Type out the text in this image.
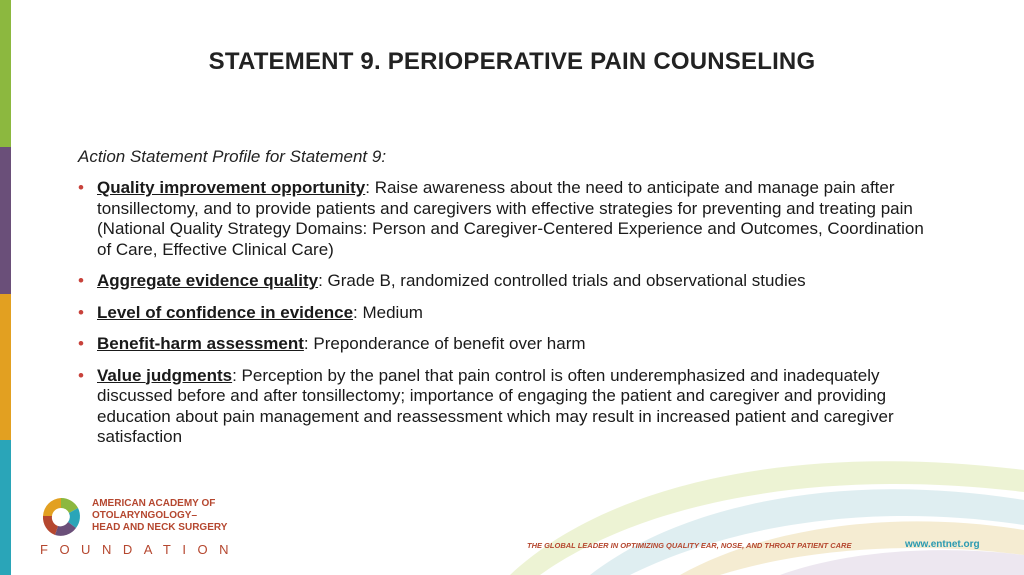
STATEMENT 9. PERIOPERATIVE PAIN COUNSELING
Action Statement Profile for Statement 9:
• Quality improvement opportunity: Raise awareness about the need to anticipate and manage pain after tonsillectomy, and to provide patients and caregivers with effective strategies for preventing and treating pain (National Quality Strategy Domains: Person and Caregiver-Centered Experience and Outcomes, Coordination of Care, Effective Clinical Care)
• Aggregate evidence quality: Grade B, randomized controlled trials and observational studies
• Level of confidence in evidence: Medium
• Benefit-harm assessment: Preponderance of benefit over harm
• Value judgments: Perception by the panel that pain control is often underemphasized and inadequately discussed before and after tonsillectomy; importance of engaging the patient and caregiver and providing education about pain management and reassessment which may result in increased patient and caregiver satisfaction
AMERICAN ACADEMY OF
OTOLARYNGOLOGY–
HEAD AND NECK SURGERY
FOUNDATION	THE GLOBAL LEADER IN OPTIMIZING QUALITY EAR, NOSE, AND THROAT PATIENT CARE	www.entnet.org
